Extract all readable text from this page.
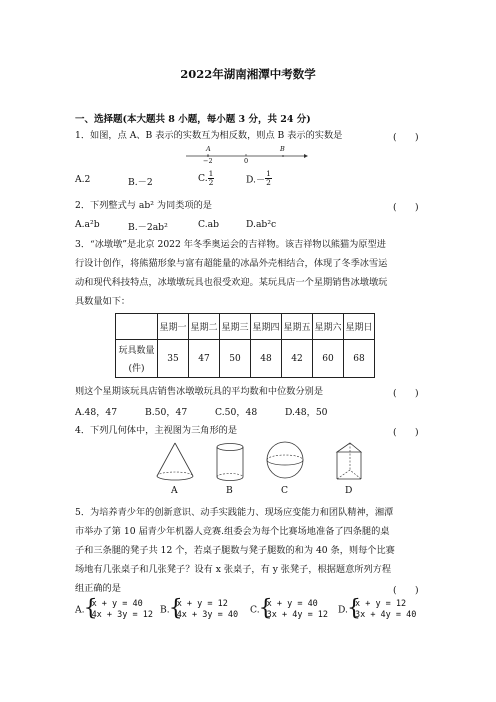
2022年湖南湘潭中考数学
一、选择题(本大题共 8 小题，每小题 3 分，共 24 分)
1．如图，点 A、B 表示的实数互为相反数，则点 B 表示的实数是	(　　)
A	B
−2	0
A.2	B.－2	C. $\frac{1}{2}$	$D.- \frac{1}{2}$
2．下列整式与 ab² 为同类项的是	(　　)
A.a²b	B.－2ab²	C.ab	D.ab²c
3．“冰墩墩”是北京 2022 年冬季奥运会的吉祥物。该吉祥物以熊猫为原型进
行设计创作，将熊猫形象与富有超能量的冰晶外壳相结合，体现了冬季冰雪运
动和现代科技特点，冰墩墩玩具也很受欢迎。某玩具店一个星期销售冰墩墩玩
具数量如下：
	星期一	星期二	星期三	星期四	星期五	星期六	星期日

玩具数量
(件)	35	47	50	48	42	60	68
则这个星期该玩具店销售冰墩墩玩具的平均数和中位数分别是	(　　)
A.48，47	B.50，47	C.50，48	D.48，50
4．下列几何体中，主视图为三角形的是	(　　)
A	B	C	D
5．为培养青少年的创新意识、动手实践能力、现场应变能力和团队精神，湘潭
市举办了第 10 届青少年机器人竞赛.组委会为每个比赛场地准备了四条腿的桌
子和三条腿的凳子共 12 个，若桌子腿数与凳子腿数的和为 40 条，则每个比赛
场地有几张桌子和几张凳子？设有 x 张桌子，有 y 张凳子，根据题意所列方程
组正确的是	(　　)
A.
{ x + y = 40
4x + 3y = 12 B.
{ x + y = 12
4x + 3y = 40 C.
{ x + y = 40
3x + 4y = 12 D.
{ x + y = 12
3x + 4y = 40
